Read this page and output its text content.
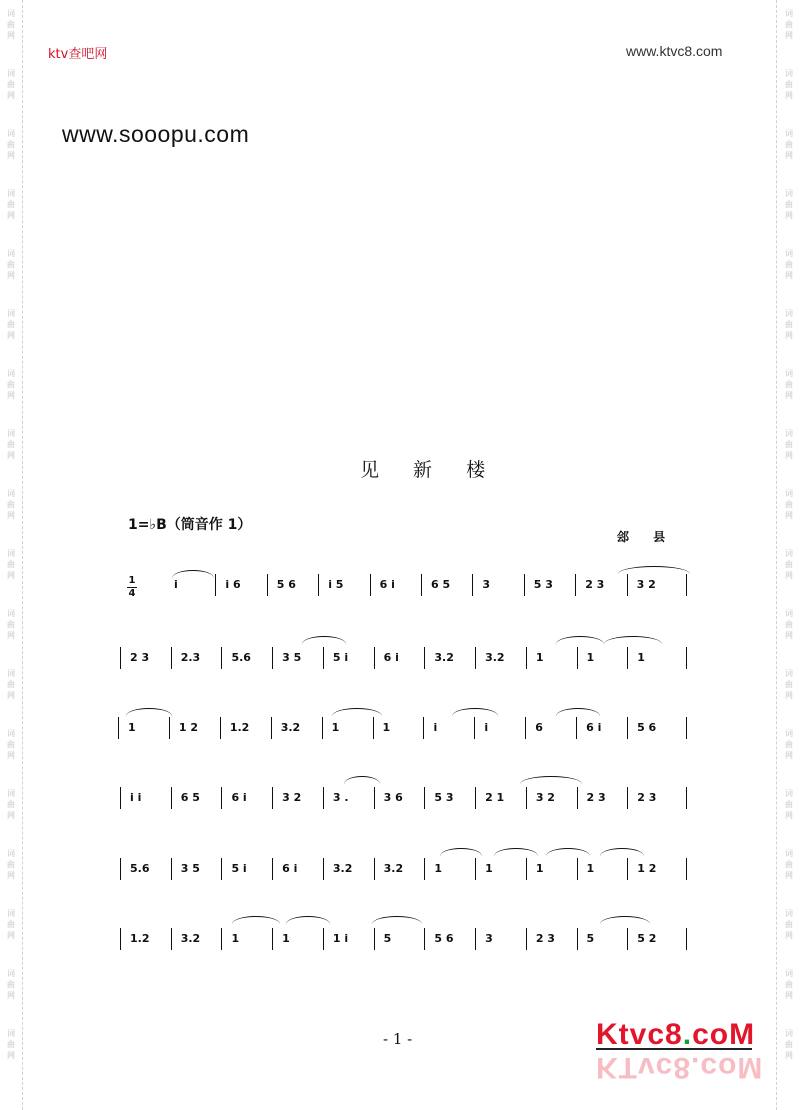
词
曲
网
词
曲
网
词
曲
网
词
曲
网
词
曲
网
词
曲
网
词
曲
网
词
曲
网
词
曲
网
词
曲
网
词
曲
网
词
曲
网
词
曲
网
词
曲
网
词
曲
网
词
曲
网
词
曲
网
词
曲
网
词
曲
网
词
曲
网
词
曲
网
词
曲
网
词
曲
网
词
曲
网
词
曲
网
词
曲
网
词
曲
网
词
曲
网
词
曲
网
词
曲
网
词
曲
网
词
曲
网
词
曲
网
词
曲
网
词
曲
网
词
曲
网
ktv查吧网	www.ktvc8.com
www.sooopu.com
见 新 楼
1=♭B（筒音作 1）
郐 县
1
4
i	i 6	5 6	i 5	6 i	6 5	3	5 3	2 3	3 2
2 3	2.3	5.6	3 5	5 i	6 i	3.2	3.2	1	1	1
1	1 2	1.2	3.2	1	1	i	i	6	6 i	5 6
i i	6 5	6 i	3 2	3 .	3 6	5 3	2 1	3 2	2 3	2 3
5.6	3 5	5 i	6 i	3.2	3.2	1	1	1	1	1 2
1.2	3.2	1	1	1 i	5	5 6	3	2 3	5	5 2
- 1 -	Ktvc8.coM
KTvc8.coM
